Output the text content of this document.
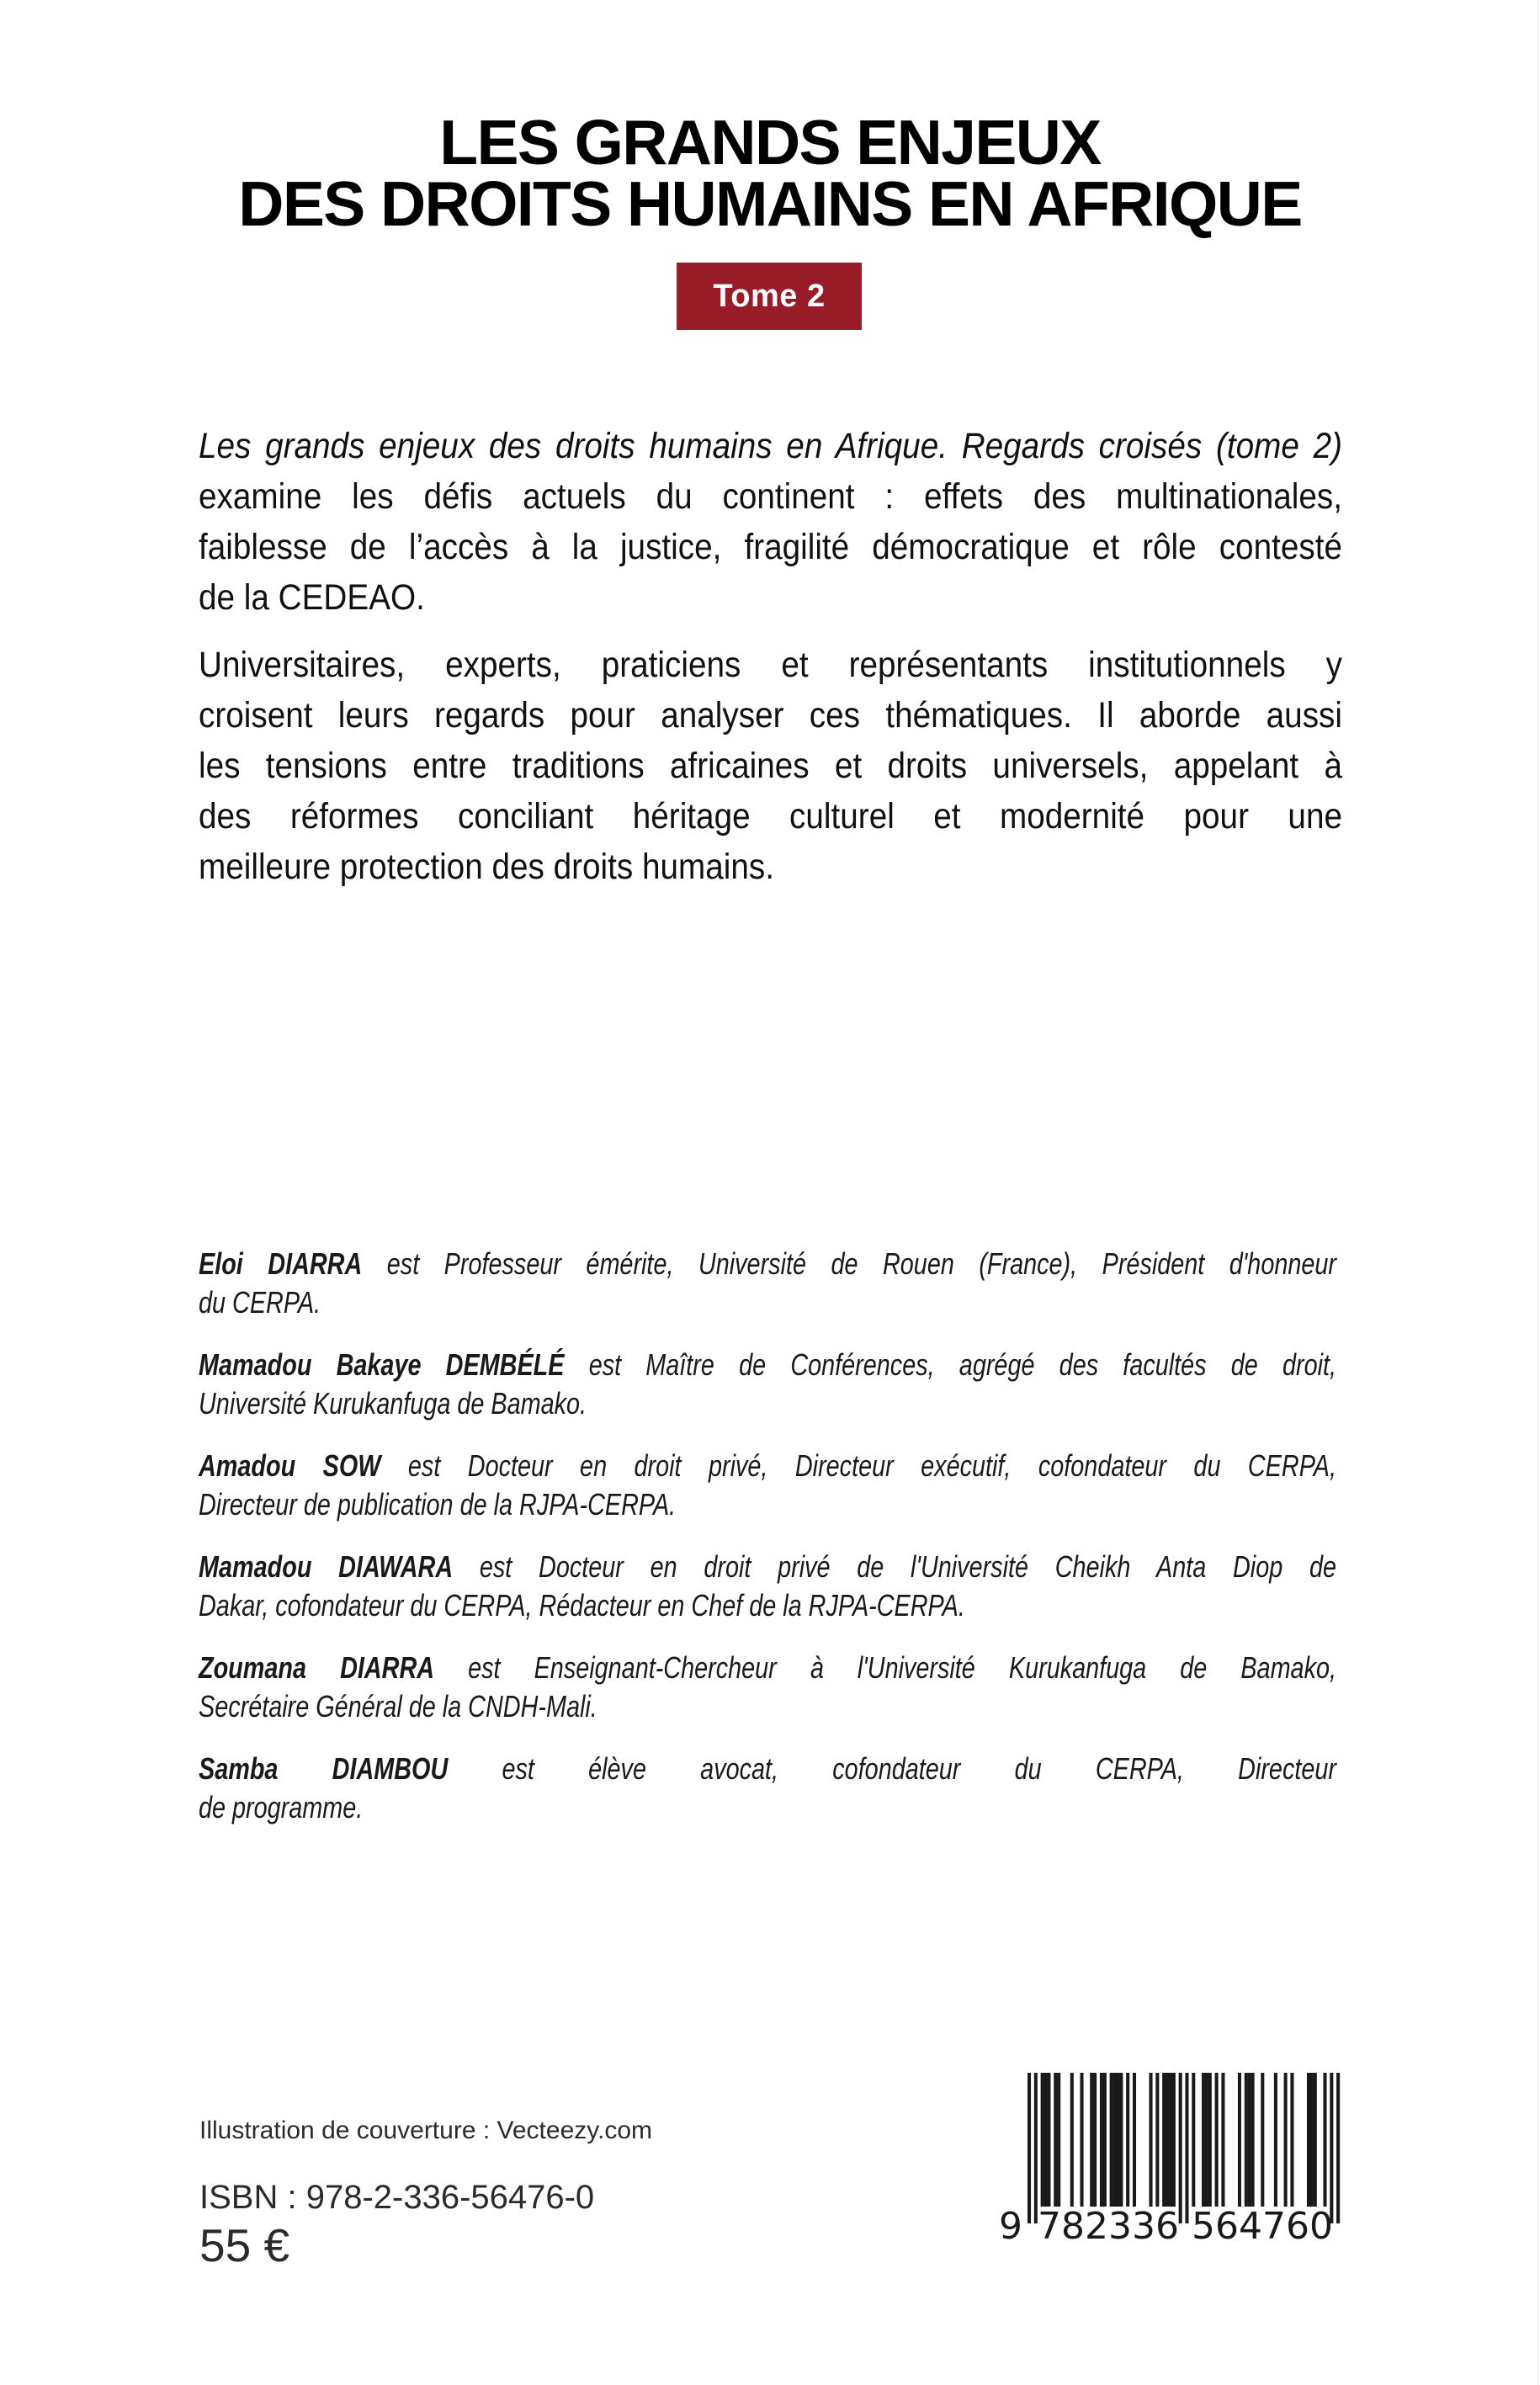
LES GRANDS ENJEUX
DES DROITS HUMAINS EN AFRIQUE
Tome 2
Les grands enjeux des droits humains en Afrique. Regards croisés (tome 2)
examine les défis actuels du continent : effets des multinationales,
faiblesse de l’accès à la justice, fragilité démocratique et rôle contesté
de la CEDEAO.
Universitaires, experts, praticiens et représentants institutionnels y
croisent leurs regards pour analyser ces thématiques. Il aborde aussi
les tensions entre traditions africaines et droits universels, appelant à
des réformes conciliant héritage culturel et modernité pour une
meilleure protection des droits humains.
Eloi DIARRA est Professeur émérite, Université de Rouen (France), Président d'honneur
du CERPA.
Mamadou Bakaye DEMBÉLÉ est Maître de Conférences, agrégé des facultés de droit,
Université Kurukanfuga de Bamako.
Amadou SOW est Docteur en droit privé, Directeur exécutif, cofondateur du CERPA,
Directeur de publication de la RJPA-CERPA.
Mamadou DIAWARA est Docteur en droit privé de l'Université Cheikh Anta Diop de
Dakar, cofondateur du CERPA, Rédacteur en Chef de la RJPA-CERPA.
Zoumana DIARRA est Enseignant-Chercheur à l'Université Kurukanfuga de Bamako,
Secrétaire Général de la CNDH-Mali.
Samba DIAMBOU est élève avocat, cofondateur du CERPA, Directeur
de programme.
Illustration de couverture : Vecteezy.com
ISBN : 978-2-336-56476-0
55 €	9 782336 564760
